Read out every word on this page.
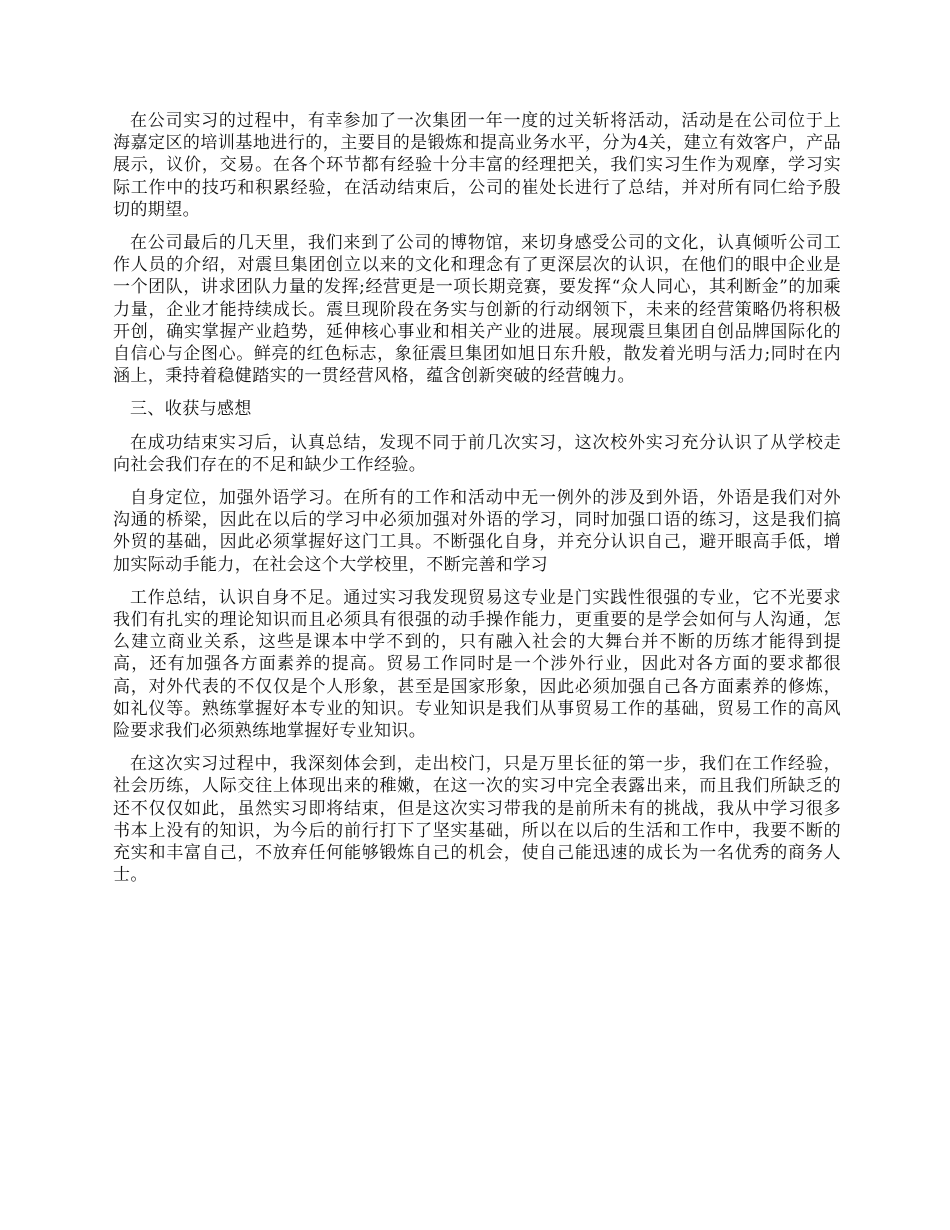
在公司实习的过程中，有幸参加了一次集团一年一度的过关斩将活动，活动是在公司位于上海嘉定区的培训基地进行的，主要目的是锻炼和提高业务水平，分为4关，建立有效客户，产品展示，议价，交易。在各个环节都有经验十分丰富的经理把关，我们实习生作为观摩，学习实际工作中的技巧和积累经验，在活动结束后，公司的崔处长进行了总结，并对所有同仁给予殷切的期望。

在公司最后的几天里，我们来到了公司的博物馆，来切身感受公司的文化，认真倾听公司工作人员的介绍，对震旦集团创立以来的文化和理念有了更深层次的认识，在他们的眼中企业是一个团队，讲求团队力量的发挥;经营更是一项长期竞赛，要发挥“众人同心，其利断金”的加乘力量，企业才能持续成长。震旦现阶段在务实与创新的行动纲领下，未来的经营策略仍将积极开创，确实掌握产业趋势，延伸核心事业和相关产业的进展。展现震旦集团自创品牌国际化的自信心与企图心。鲜亮的红色标志，象征震旦集团如旭日东升般，散发着光明与活力;同时在内涵上，秉持着稳健踏实的一贯经营风格，蕴含创新突破的经营魄力。

三、收获与感想

在成功结束实习后，认真总结，发现不同于前几次实习，这次校外实习充分认识了从学校走向社会我们存在的不足和缺少工作经验。

自身定位，加强外语学习。在所有的工作和活动中无一例外的涉及到外语，外语是我们对外沟通的桥梁，因此在以后的学习中必须加强对外语的学习，同时加强口语的练习，这是我们搞外贸的基础，因此必须掌握好这门工具。不断强化自身，并充分认识自己，避开眼高手低，增加实际动手能力，在社会这个大学校里，不断完善和学习

工作总结，认识自身不足。通过实习我发现贸易这专业是门实践性很强的专业，它不光要求我们有扎实的理论知识而且必须具有很强的动手操作能力，更重要的是学会如何与人沟通，怎么建立商业关系，这些是课本中学不到的，只有融入社会的大舞台并不断的历练才能得到提高，还有加强各方面素养的提高。贸易工作同时是一个涉外行业，因此对各方面的要求都很高，对外代表的不仅仅是个人形象，甚至是国家形象，因此必须加强自己各方面素养的修炼，如礼仪等。熟练掌握好本专业的知识。专业知识是我们从事贸易工作的基础，贸易工作的高风险要求我们必须熟练地掌握好专业知识。

在这次实习过程中，我深刻体会到，走出校门，只是万里长征的第一步，我们在工作经验，社会历练，人际交往上体现出来的稚嫩，在这一次的实习中完全表露出来，而且我们所缺乏的还不仅仅如此，虽然实习即将结束，但是这次实习带我的是前所未有的挑战，我从中学习很多书本上没有的知识，为今后的前行打下了坚实基础，所以在以后的生活和工作中，我要不断的充实和丰富自己，不放弃任何能够锻炼自己的机会，使自己能迅速的成长为一名优秀的商务人士。
